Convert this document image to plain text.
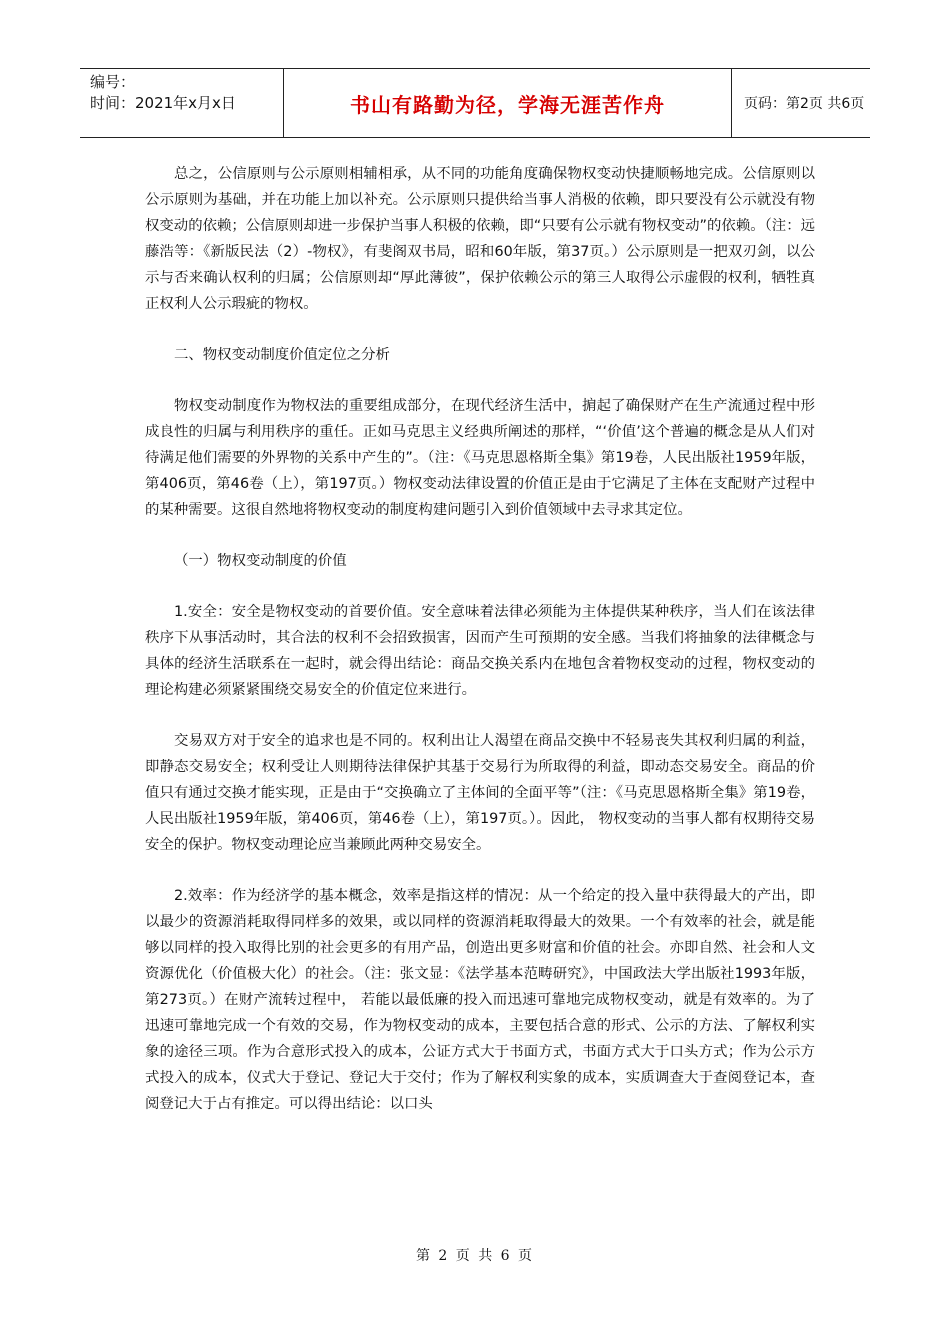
编号：
时间：2021年x月x日	书山有路勤为径，学海无涯苦作舟	页码：第2页 共6页

总之，公信原则与公示原则相辅相承，从不同的功能角度确保物权变动快捷顺畅地完成。公信原则以公示原则为基础，并在功能上加以补充。公示原则只提供给当事人消极的依赖，即只要没有公示就没有物权变动的依赖；公信原则却进一步保护当事人积极的依赖，即“只要有公示就有物权变动”的依赖。（注：远藤浩等：《新版民法（2）-物权》，有斐阁双书局，昭和60年版，第37页。）公示原则是一把双刃剑，以公示与否来确认权利的归属；公信原则却“厚此薄彼”，保护依赖公示的第三人取得公示虚假的权利，牺牲真正权利人公示瑕疵的物权。

二、物权变动制度价值定位之分析

物权变动制度作为物权法的重要组成部分，在现代经济生活中，掮起了确保财产在生产流通过程中形成良性的归属与利用秩序的重任。正如马克思主义经典所阐述的那样，“‘价值’这个普遍的概念是从人们对待满足他们需要的外界物的关系中产生的”。（注：《马克思恩格斯全集》第19卷，人民出版社1959年版，第406页，第46卷（上），第197页。）物权变动法律设置的价值正是由于它满足了主体在支配财产过程中的某种需要。这很自然地将物权变动的制度构建问题引入到价值领域中去寻求其定位。

（一）物权变动制度的价值

1.安全：安全是物权变动的首要价值。安全意味着法律必须能为主体提供某种秩序，当人们在该法律秩序下从事活动时，其合法的权利不会招致损害，因而产生可预期的安全感。当我们将抽象的法律概念与具体的经济生活联系在一起时，就会得出结论：商品交换关系内在地包含着物权变动的过程，物权变动的理论构建必须紧紧围绕交易安全的价值定位来进行。

交易双方对于安全的追求也是不同的。权利出让人渴望在商品交换中不轻易丧失其权利归属的利益，即静态交易安全；权利受让人则期待法律保护其基于交易行为所取得的利益，即动态交易安全。商品的价值只有通过交换才能实现，正是由于“交换确立了主体间的全面平等”（注：《马克思恩格斯全集》第19卷，人民出版社1959年版，第406页，第46卷（上），第197页。）。因此， 物权变动的当事人都有权期待交易安全的保护。物权变动理论应当兼顾此两种交易安全。

2.效率：作为经济学的基本概念，效率是指这样的情况：从一个给定的投入量中获得最大的产出，即以最少的资源消耗取得同样多的效果，或以同样的资源消耗取得最大的效果。一个有效率的社会，就是能够以同样的投入取得比别的社会更多的有用产品，创造出更多财富和价值的社会。亦即自然、社会和人文资源优化（价值极大化）的社会。（注：张文显：《法学基本范畴研究》，中国政法大学出版社1993年版，第273页。）在财产流转过程中， 若能以最低廉的投入而迅速可靠地完成物权变动，就是有效率的。为了迅速可靠地完成一个有效的交易，作为物权变动的成本，主要包括合意的形式、公示的方法、了解权利实象的途径三项。作为合意形式投入的成本，公证方式大于书面方式，书面方式大于口头方式；作为公示方式投入的成本，仪式大于登记、登记大于交付；作为了解权利实象的成本，实质调查大于查阅登记本，查阅登记大于占有推定。可以得出结论：以口头

第 2 页 共 6 页
